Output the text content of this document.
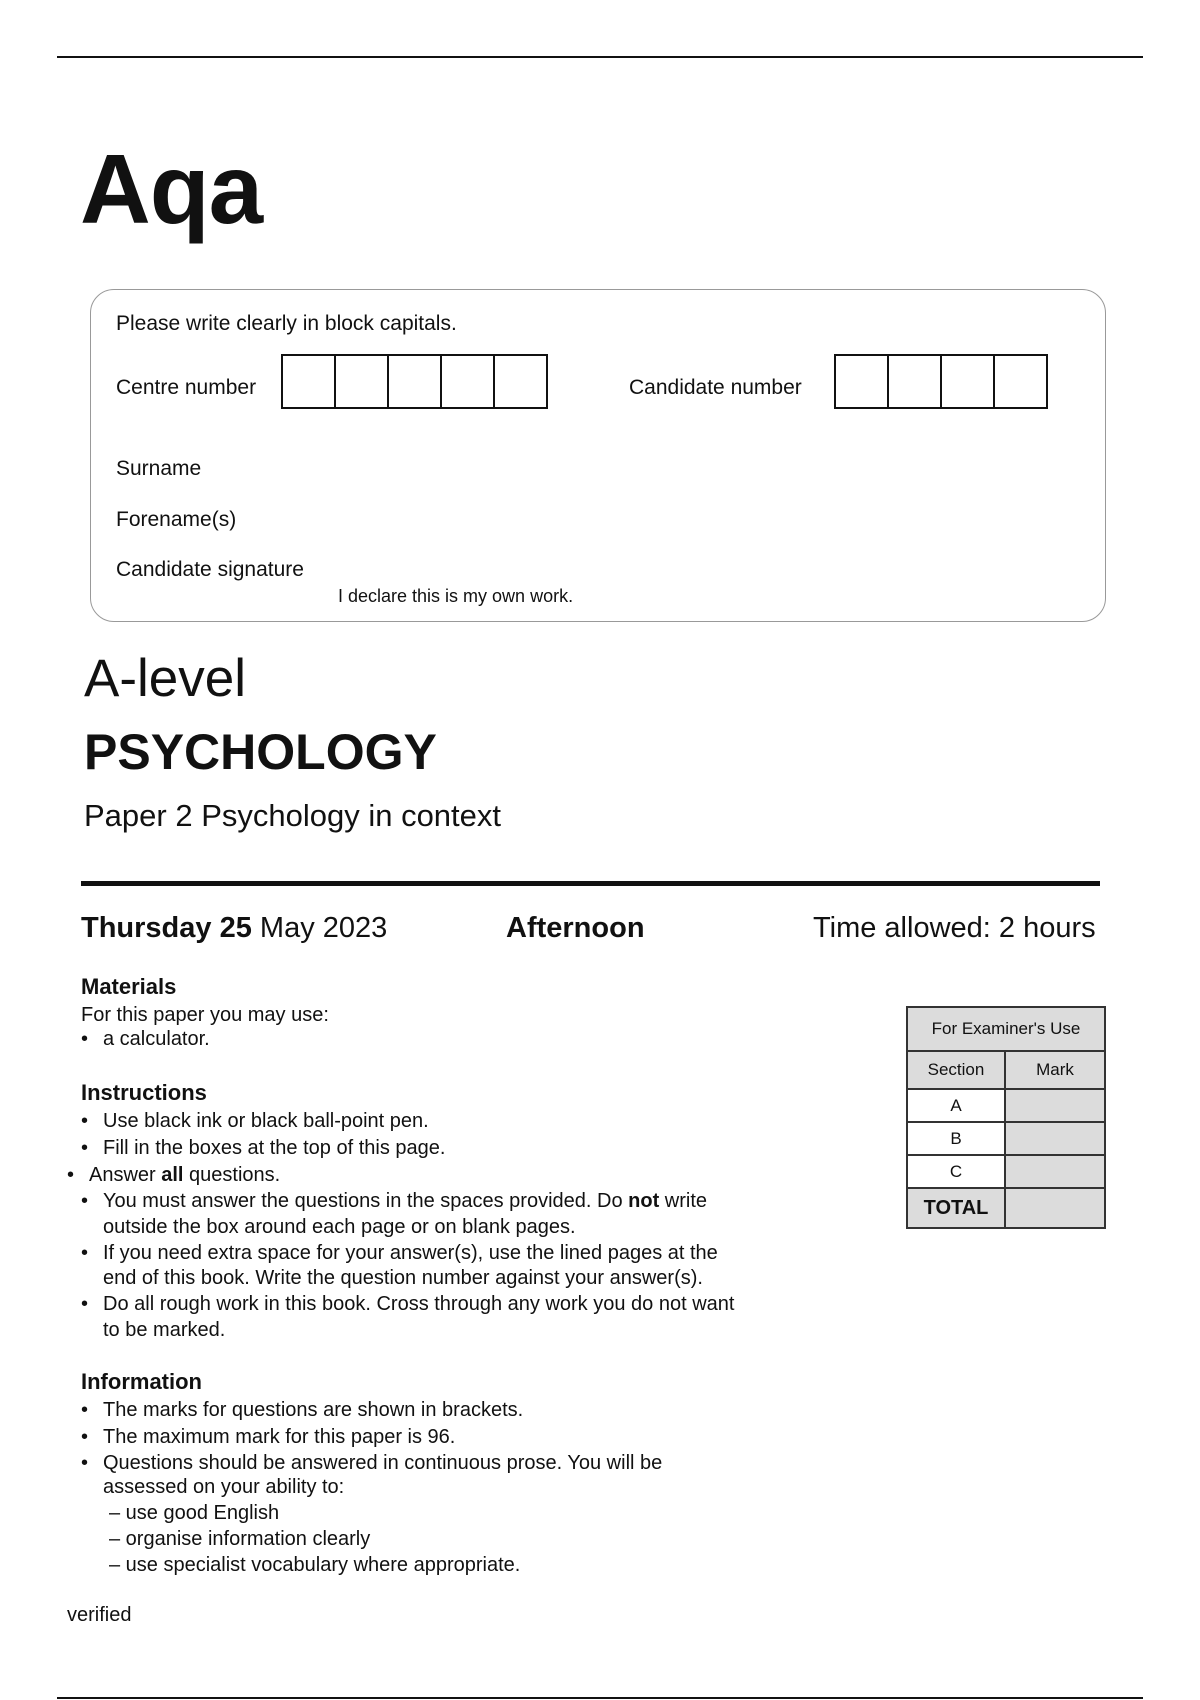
Aqa
Please write clearly in block capitals.
Centre number	Candidate number
Surname
Forename(s)
Candidate signature
I declare this is my own work.
A-level
PSYCHOLOGY
Paper 2 Psychology in context
Thursday 25 May 2023	Afternoon	Time allowed: 2 hours
Materials
For this paper you may use:
• a calculator.
Instructions
• Use black ink or black ball-point pen.
• Fill in the boxes at the top of this page.
• Answer all questions.
• You must answer the questions in the spaces provided. Do not write
outside the box around each page or on blank pages.
• If you need extra space for your answer(s), use the lined pages at the
end of this book. Write the question number against your answer(s).
• Do all rough work in this book. Cross through any work you do not want
to be marked.
Information
• The marks for questions are shown in brackets.
• The maximum mark for this paper is 96.
• Questions should be answered in continuous prose. You will be
assessed on your ability to:
– use good English
– organise information clearly
– use specialist vocabulary where appropriate.
For Examiner's Use	
Section	Mark
A	
B	
C	
TOTAL	
verified
